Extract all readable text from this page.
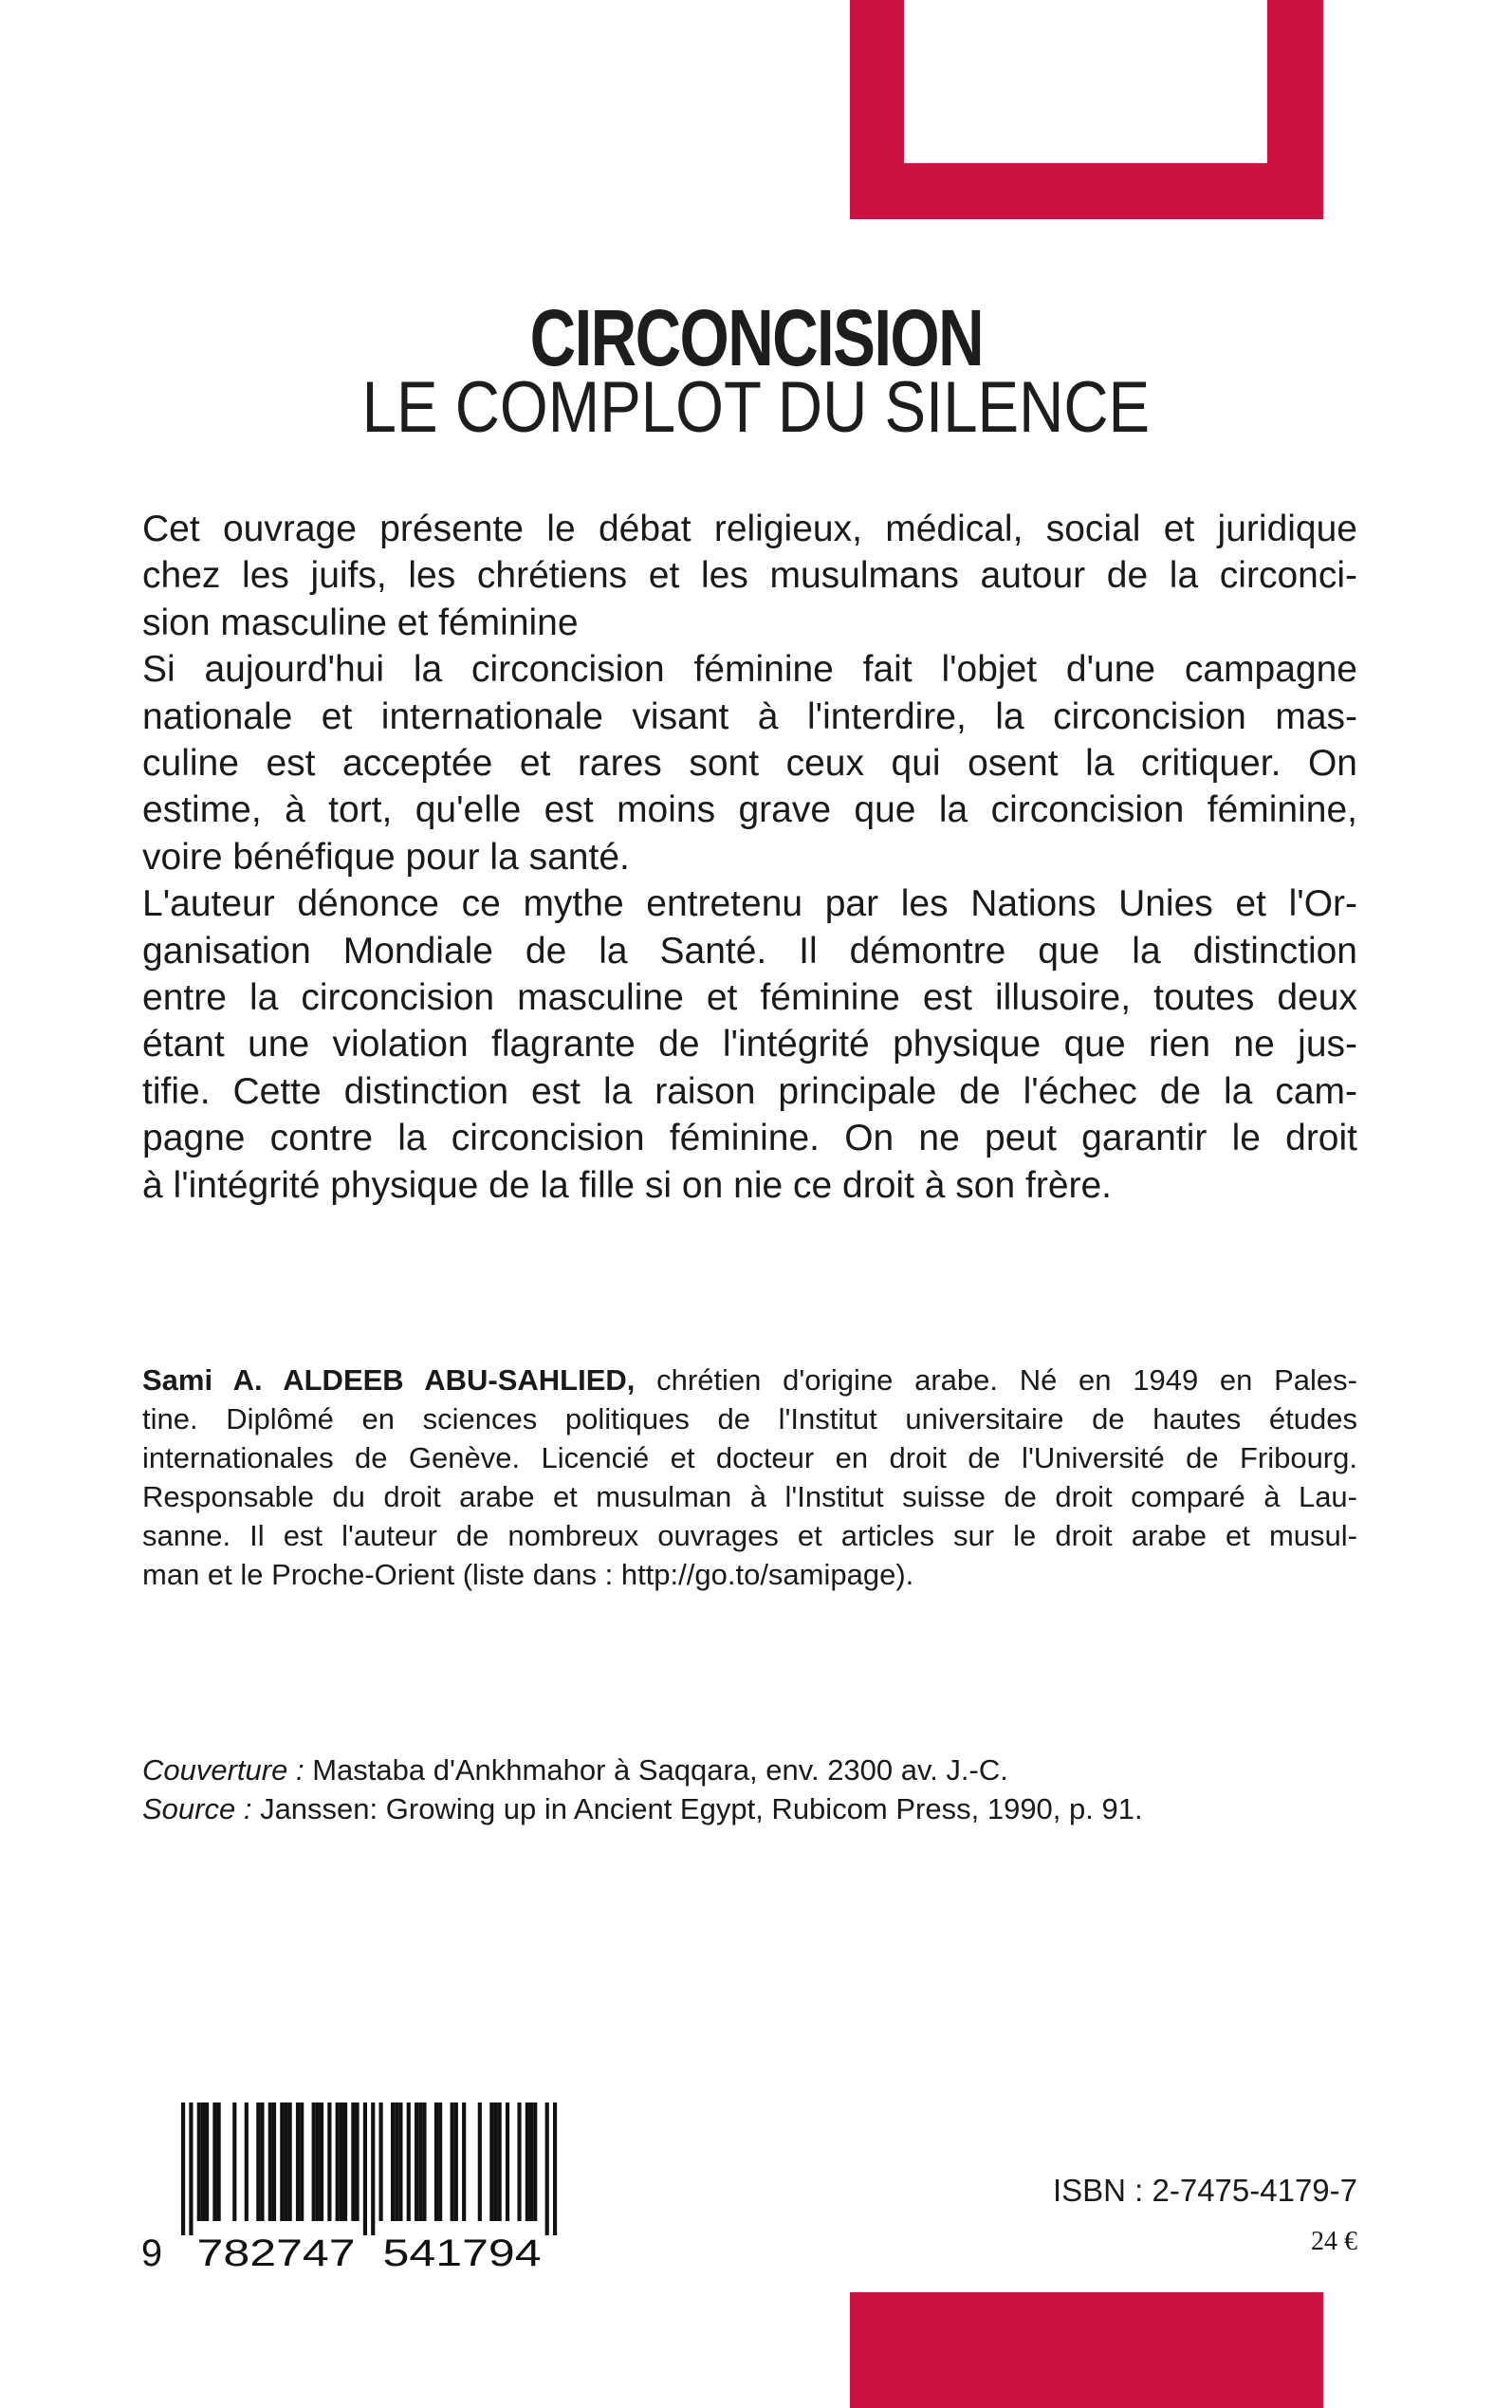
CIRCONCISION
LE COMPLOT DU SILENCE
Cet ouvrage présente le débat religieux, médical, social et juridique
chez les juifs, les chrétiens et les musulmans autour de la circonci-
sion masculine et féminine
Si aujourd'hui la circoncision féminine fait l'objet d'une campagne
nationale et internationale visant à l'interdire, la circoncision mas-
culine est acceptée et rares sont ceux qui osent la critiquer. On
estime, à tort, qu'elle est moins grave que la circoncision féminine,
voire bénéfique pour la santé.
L'auteur dénonce ce mythe entretenu par les Nations Unies et l'Or-
ganisation Mondiale de la Santé. Il démontre que la distinction
entre la circoncision masculine et féminine est illusoire, toutes deux
étant une violation flagrante de l'intégrité physique que rien ne jus-
tifie. Cette distinction est la raison principale de l'échec de la cam-
pagne contre la circoncision féminine. On ne peut garantir le droit
à l'intégrité physique de la fille si on nie ce droit à son frère.
Sami A. ALDEEB ABU-SAHLIED, chrétien d'origine arabe. Né en 1949 en Pales-
tine. Diplômé en sciences politiques de l'Institut universitaire de hautes études
internationales de Genève. Licencié et docteur en droit de l'Université de Fribourg.
Responsable du droit arabe et musulman à l'Institut suisse de droit comparé à Lau-
sanne. Il est l'auteur de nombreux ouvrages et articles sur le droit arabe et musul-
man et le Proche-Orient (liste dans : http://go.to/samipage).
Couverture : Mastaba d'Ankhmahor à Saqqara, env. 2300 av. J.-C.
Source : Janssen: Growing up in Ancient Egypt, Rubicom Press, 1990, p. 91.
9 782747 541794
ISBN : 2-7475-4179-7
24 €
